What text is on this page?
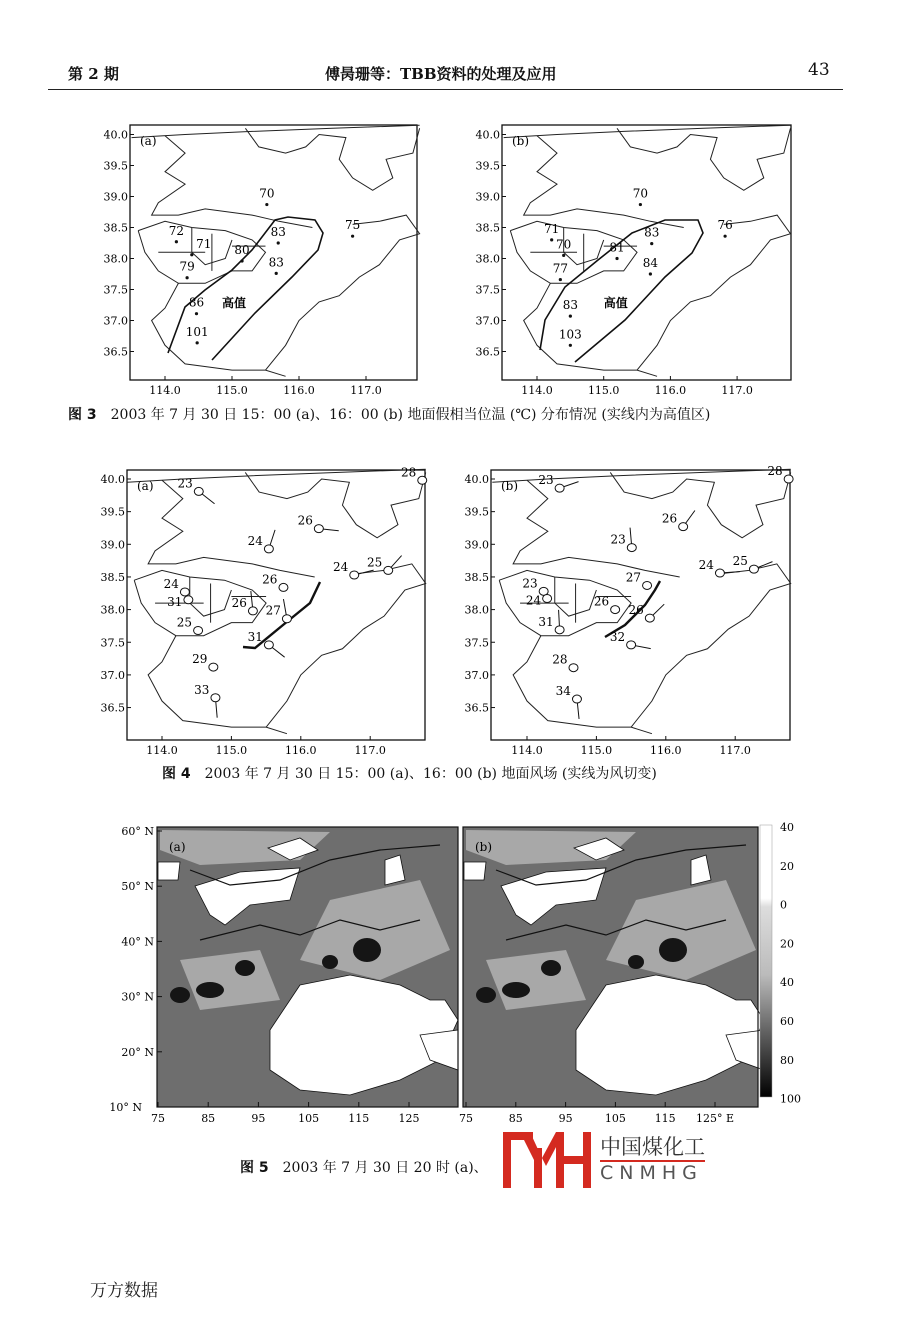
第 2 期	傅昺珊等：TBB资料的处理及应用	43
40.0
39.5
39.0
38.5
38.0
37.5
37.0
36.5
114.0	115.0	116.0	117.0
(a)
高值
70
72
71
79
80
83
83
75
86
101
40.0
39.5
39.0
38.5
38.0
37.5
37.0
36.5
114.0	115.0	116.0	117.0
(b)
高值
70
71
70
77
81
83
84
76
83
103
图 3 2003 年 7 月 30 日 15：00 (a)、16：00 (b) 地面假相当位温 (℃) 分布情况 (实线内为高值区)
40.0
39.5
39.0
38.5
38.0
37.5
37.0
36.5
114.0	115.0	116.0	117.0
(a) 23
28
26
24
24 25
26
24
31	26
27
25
31
29
33
40.0
39.5
39.0
38.5
38.0
37.5
37.0
36.5
114.0	115.0	116.0	117.0
(b) 23
28
26
23
24 25
27
23
24	26
26
31
32
28
34
图 4 2003 年 7 月 30 日 15：00 (a)、16：00 (b) 地面风场 (实线为风切变)
(a)
75	85	95	105	115	125
(b)
75	85	95	105	115 125° E
60° N
50° N
40° N
30° N
20° N
10° N
40
20
0
20
40
60
80
100
图 5 2003 年 7 月 30 日 20 时 (a)、
中国煤化工
CNMHG
万方数据
